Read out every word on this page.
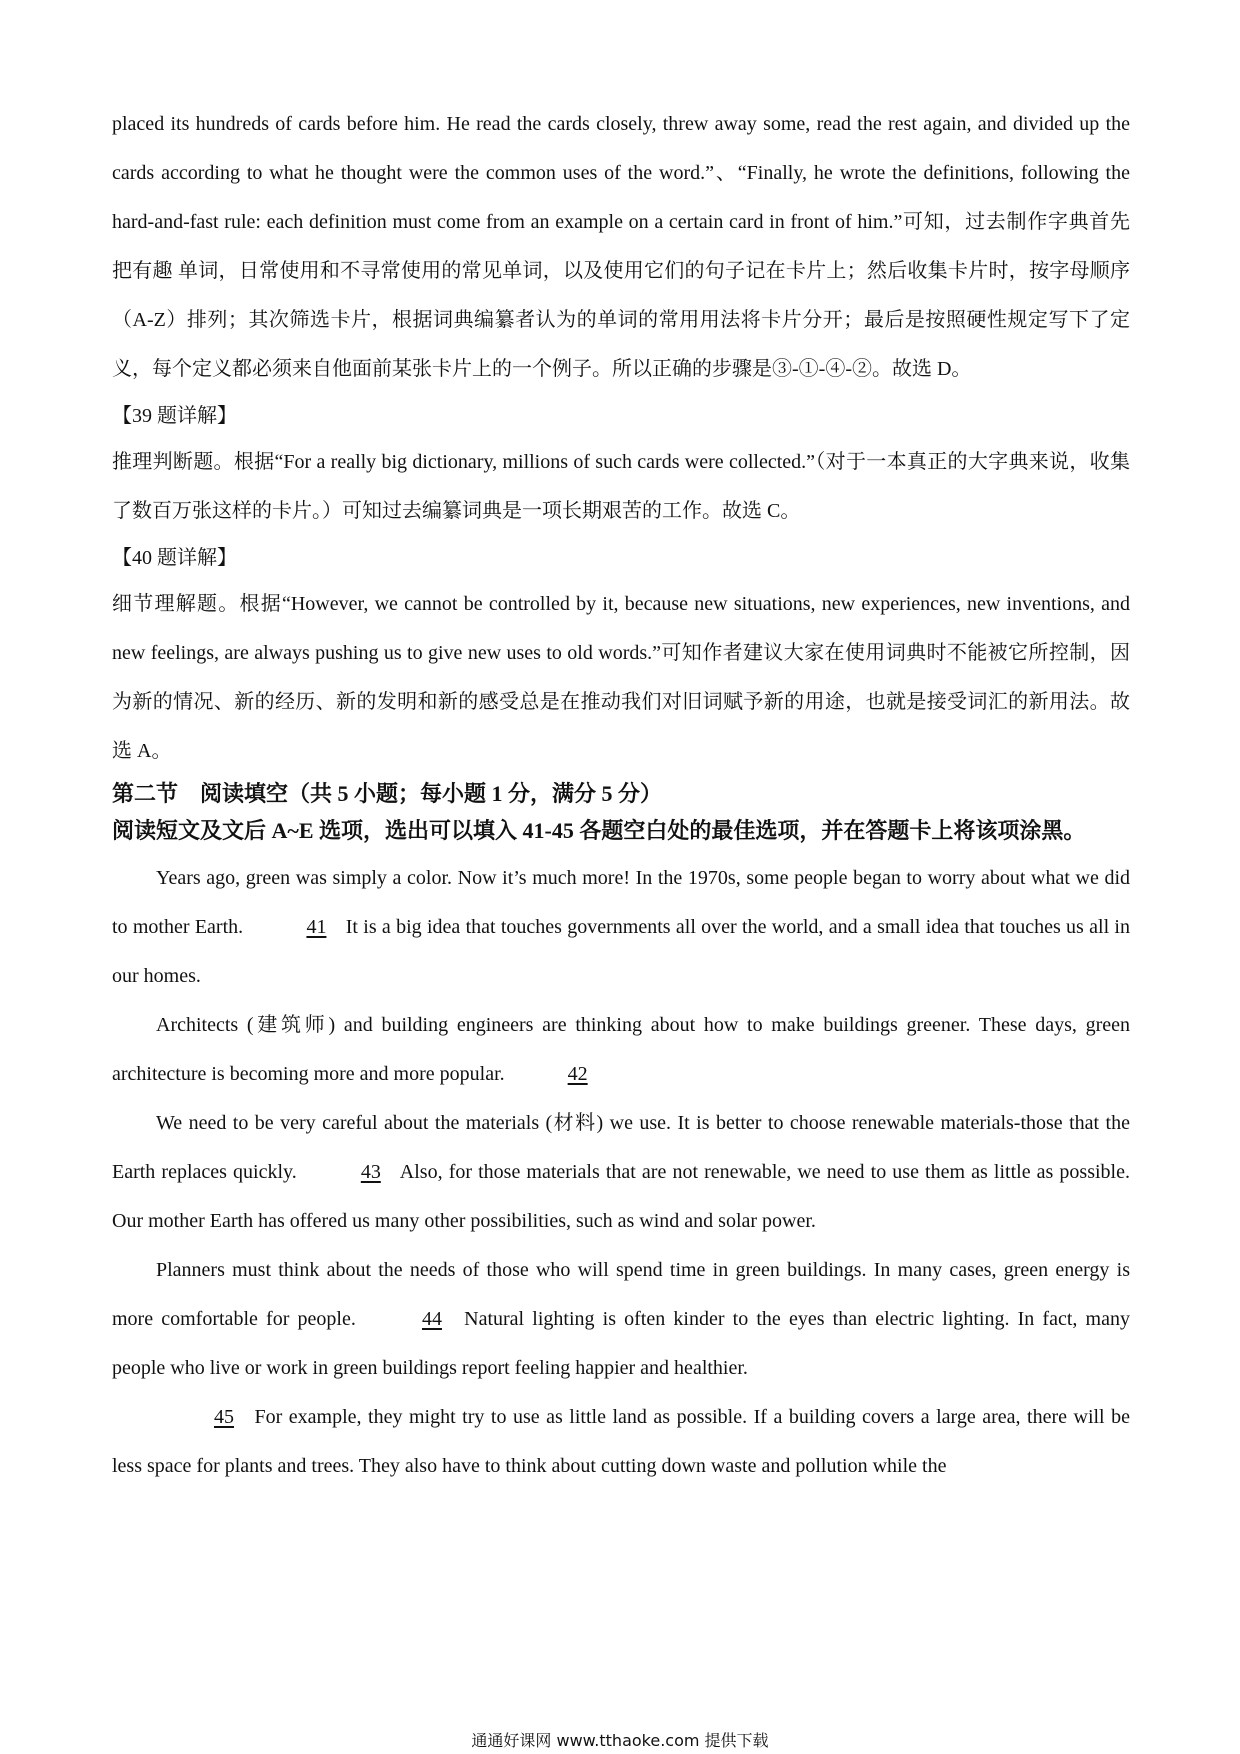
placed its hundreds of cards before him. He read the cards closely, threw away some, read the rest again, and divided up the cards according to what he thought were the common uses of the word.”、“Finally, he wrote the definitions, following the hard-and-fast rule: each definition must come from an example on a certain card in front of him.”可知，过去制作字典首先把有趣 单词，日常使用和不寻常使用的常见单词，以及使用它们的句子记在卡片上；然后收集卡片时，按字母顺序（A-Z）排列；其次筛选卡片，根据词典编纂者认为的单词的常用用法将卡片分开；最后是按照硬性规定写下了定义，每个定义都必须来自他面前某张卡片上的一个例子。所以正确的步骤是③-①-④-②。故选 D。

【39 题详解】

推理判断题。根据“For a really big dictionary, millions of such cards were collected.”（对于一本真正的大字典来说，收集了数百万张这样的卡片。）可知过去编纂词典是一项长期艰苦的工作。故选 C。

【40 题详解】

细节理解题。根据“However, we cannot be controlled by it, because new situations, new experiences, new inventions, and new feelings, are always pushing us to give new uses to old words.”可知作者建议大家在使用词典时不能被它所控制，因为新的情况、新的经历、新的发明和新的感受总是在推动我们对旧词赋予新的用途，也就是接受词汇的新用法。故选 A。

第二节　阅读填空（共 5 小题；每小题 1 分，满分 5 分）

阅读短文及文后 A~E 选项，选出可以填入 41-45 各题空白处的最佳选项，并在答题卡上将该项涂黑。

Years ago, green was simply a color. Now it’s much more! In the 1970s, some people began to worry about what we did to mother Earth.	41 It is a big idea that touches governments all over the world, and a small idea that touches us all in our homes.

Architects (建筑师) and building engineers are thinking about how to make buildings greener. These days, green architecture is becoming more and more popular.	42

We need to be very careful about the materials (材料) we use. It is better to choose renewable materials-those that the Earth replaces quickly.	43 Also, for those materials that are not renewable, we need to use them as little as possible. Our mother Earth has offered us many other possibilities, such as wind and solar power.

Planners must think about the needs of those who will spend time in green buildings. In many cases, green energy is more comfortable for people.	44 Natural lighting is often kinder to the eyes than electric lighting. In fact, many people who live or work in green buildings report feeling happier and healthier.

45 For example, they might try to use as little land as possible. If a building covers a large area, there will be less space for plants and trees. They also have to think about cutting down waste and pollution while the

通通好课网 www.tthaoke.com 提供下载
